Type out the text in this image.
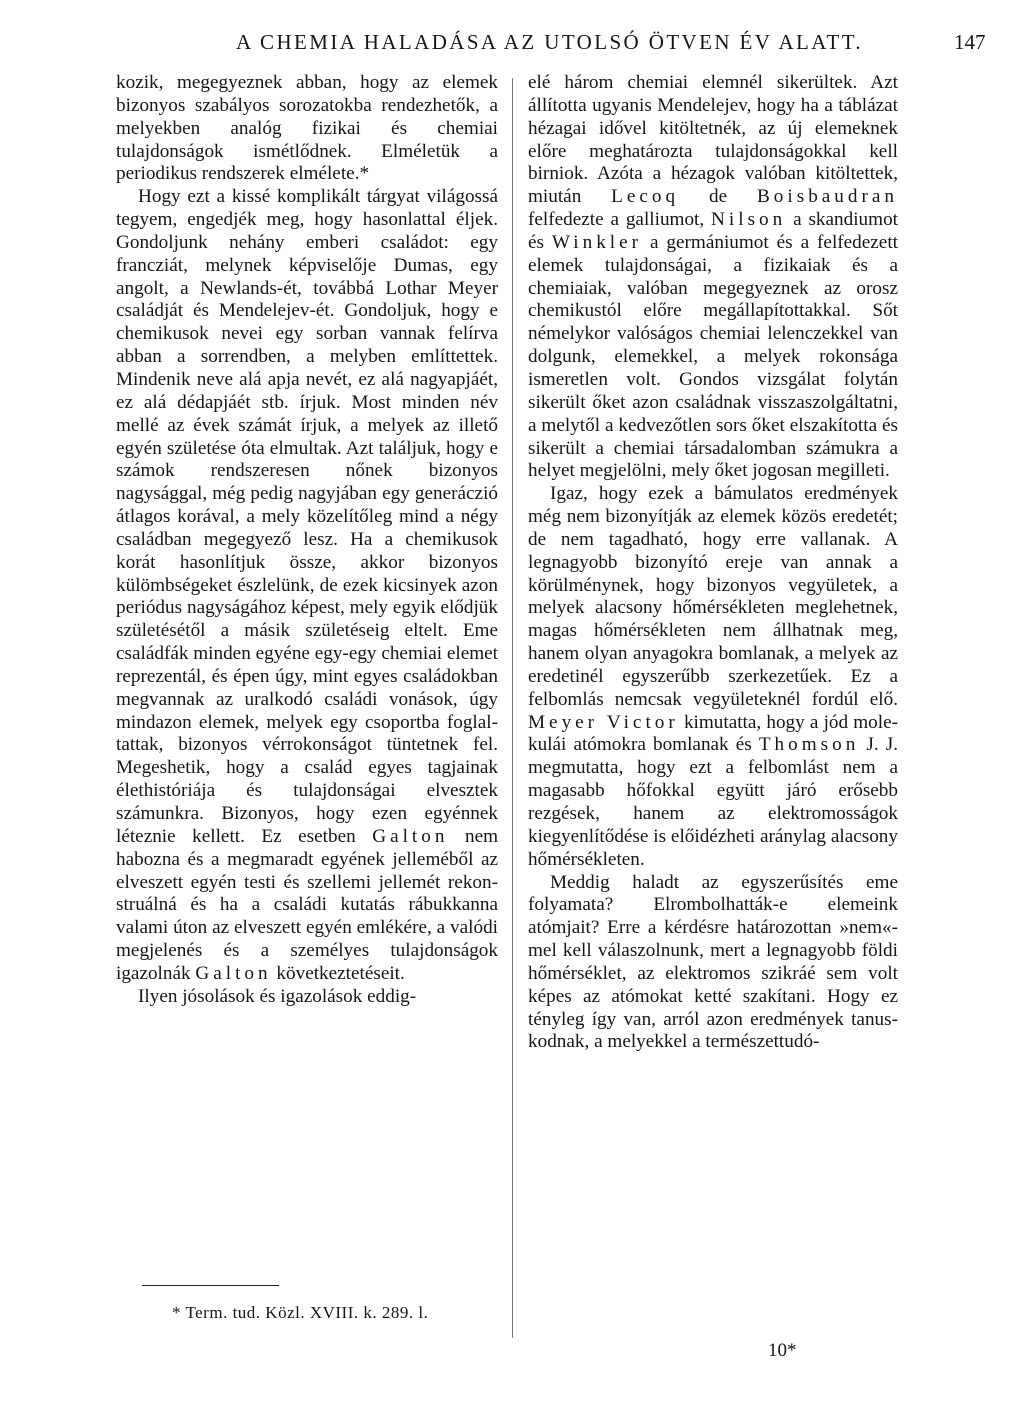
A CHEMIA HALADÁSA AZ UTOLSÓ ÖTVEN ÉV ALATT.	147

kozik, megegyeznek abban, hogy az elemek bizonyos szabályos sorozatokba rendezhetők, a melyekben analóg fizikai és chemiai tulajdonságok ismétlődnek. Elméletük a periodikus rendszerek elmélete.*

Hogy ezt a kissé komplikált tárgyat világossá tegyem, engedjék meg, hogy hasonlattal éljek. Gondoljunk nehány emberi családot: egy francziát, melynek képviselője Dumas, egy angolt, a Newlands-ét, továbbá Lothar Meyer családját és Mendelejev-ét. Gondoljuk, hogy e chemikusok nevei egy sorban vannak felírva abban a sorrendben, a melyben említtettek. Mindenik neve alá apja nevét, ez alá nagyapjáét, ez alá dédapjáét stb. írjuk. Most minden név mellé az évek számát írjuk, a melyek az illető egyén születése óta elmultak. Azt találjuk, hogy e számok rendszeresen nőnek bizonyos nagysággal, még pedig nagyjában egy generáczió átlagos korával, a mely közelítőleg mind a négy családban megegyező lesz. Ha a chemikusok korát hasonlítjuk össze, akkor bizonyos külömbségeket észlelünk, de ezek kicsinyek azon periódus nagyságához képest, mely egyik elődjük születésétől a másik születéseig eltelt. Eme családfák minden egyéne egy-egy chemiai elemet reprezentál, és épen úgy, mint egyes családokban megvannak az uralkodó családi vonások, úgy mindazon elemek, melyek egy csoportba foglaltattak, bizonyos vérrokonságot tüntetnek fel. Megeshetik, hogy a család egyes tagjainak élethistóriája és tulajdonságai elvesztek számunkra. Bizonyos, hogy ezen egyénnek léteznie kellett. Ez esetben Galton nem habozna és a megmaradt egyének jelleméből az elveszett egyén testi és szellemi jellemét rekonstruálná és ha a családi kutatás rábukkanna valami úton az elveszett egyén emlékére, a valódi megjelenés és a személyes tulajdonságok igazolnák Galton következtetéseit.

Ilyen jósolások és igazolások eddig-

elé három chemiai elemnél sikerültek. Azt állította ugyanis Mendelejev, hogy ha a táblázat hézagai idővel kitöltetnék, az új elemeknek előre meghatározta tulajdonságokkal kell birniok. Azóta a hézagok valóban kitöltettek, miután Lecoq de Boisbaudran felfedezte a galliumot, Nilson a skandiumot és Winkler a germániumot és a felfedezett elemek tulajdonságai, a fizikaiak és a chemiaiak, valóban megegyeznek az orosz chemikustól előre megállapítottakkal. Sőt némelykor valóságos chemiai lelenczekkel van dolgunk, elemekkel, a melyek rokonsága ismeretlen volt. Gondos vizsgálat folytán sikerült őket azon családnak visszaszolgáltatni, a melytől a kedvezőtlen sors őket elszakította és sikerült a chemiai társadalomban számukra a helyet megjelölni, mely őket jogosan megilleti.

Igaz, hogy ezek a bámulatos eredmények még nem bizonyítják az elemek közös eredetét; de nem tagadható, hogy erre vallanak. A legnagyobb bizonyító ereje van annak a körülménynek, hogy bizonyos vegyületek, a melyek alacsony hőmérsékleten meglehetnek, magas hőmérsékleten nem állhatnak meg, hanem olyan anyagokra bomlanak, a melyek az eredetinél egyszerűbb szerkezetűek. Ez a felbomlás nemcsak vegyületeknél fordúl elő. Meyer Victor kimutatta, hogy a jód molekulái atómokra bomlanak és Thomson J. J. megmutatta, hogy ezt a felbomlást nem a magasabb hőfokkal együtt járó erősebb rezgések, hanem az elektromosságok kiegyenlítődése is előidézheti aránylag alacsony hőmérsékleten.

Meddig haladt az egyszerűsítés eme folyamata? Elrombolhatták-e elemeink atómjait? Erre a kérdésre határozottan »nem«-mel kell válaszolnunk, mert a legnagyobb földi hőmérséklet, az elektromos szikráé sem volt képes az atómokat ketté szakítani. Hogy ez tényleg így van, arról azon eredmények tanuskodnak, a melyekkel a természettudó-

* Term. tud. Közl. XVIII. k. 289. l.
10*
